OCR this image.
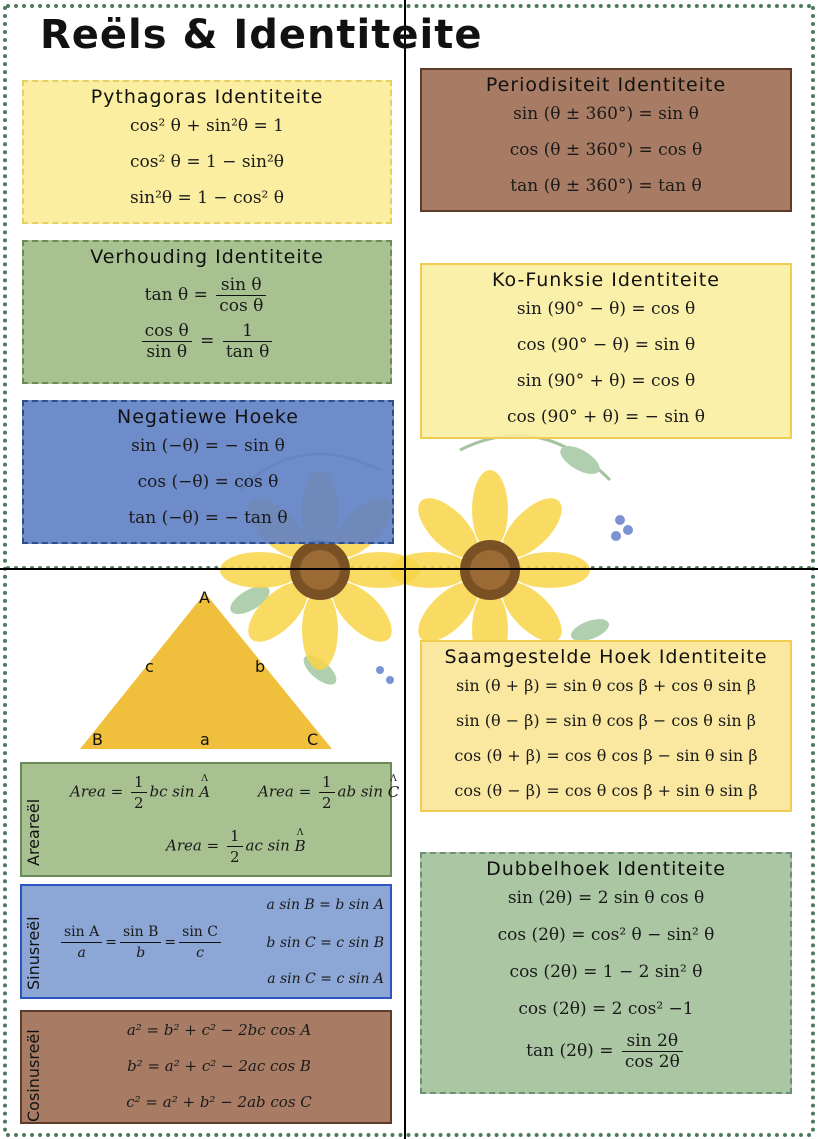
Reëls & Identiteite
Pythagoras Identiteite
cos² θ + sin²θ = 1
cos² θ = 1 − sin²θ
sin²θ = 1 − cos² θ
Verhouding Identiteite
$\tan \theta = \frac{\text{sin θ}}{\text{cos θ}}$
$\frac{\text{cos θ}}{\text{sin θ}} = \frac{1}{\text{tan θ}}$
Negatiewe Hoeke
sin (−θ) = − sin θ
cos (−θ) = cos θ
tan (−θ) = − tan θ
Periodisiteit Identiteite
sin (θ ± 360°) = sin θ
cos (θ ± 360°) = cos θ
tan (θ ± 360°) = tan θ
Ko-Funksie Identiteite
sin (90° − θ) = cos θ
cos (90° − θ) = sin θ
sin (90° + θ) = cos θ
cos (90° + θ) = − sin θ
A
B	C
c	b
a
Area = $\frac{1}{2}$ bc sin Λ A	Area = $\frac{1}{2}$ ab sin Λ C
Area = $\frac{1}{2}$ ac sin Λ B
Areareël
$\frac{\text{sin A}}{a} = \frac{\text{sin B}}{b} = \frac{\text{sin C}}{c}$
a sin B = b sin A
b sin C = c sin B
a sin C = c sin A
Sinusreël
a² = b² + c² − 2bc cos A
b² = a² + c² − 2ac cos B
c² = a² + b² − 2ab cos C
Cosinusreël
Saamgestelde Hoek Identiteite
sin (θ + β) = sin θ cos β + cos θ sin β
sin (θ − β) = sin θ cos β − cos θ sin β
cos (θ + β) = cos θ cos β − sin θ sin β
cos (θ − β) = cos θ cos β + sin θ sin β
Dubbelhoek Identiteite
sin (2θ) = 2 sin θ cos θ
cos (2θ) = cos² θ − sin² θ
cos (2θ) = 1 − 2 sin² θ
cos (2θ) = 2 cos² −1
$\tan (2\theta) = \frac{\sin 2\theta}{\cos 2\theta}$
